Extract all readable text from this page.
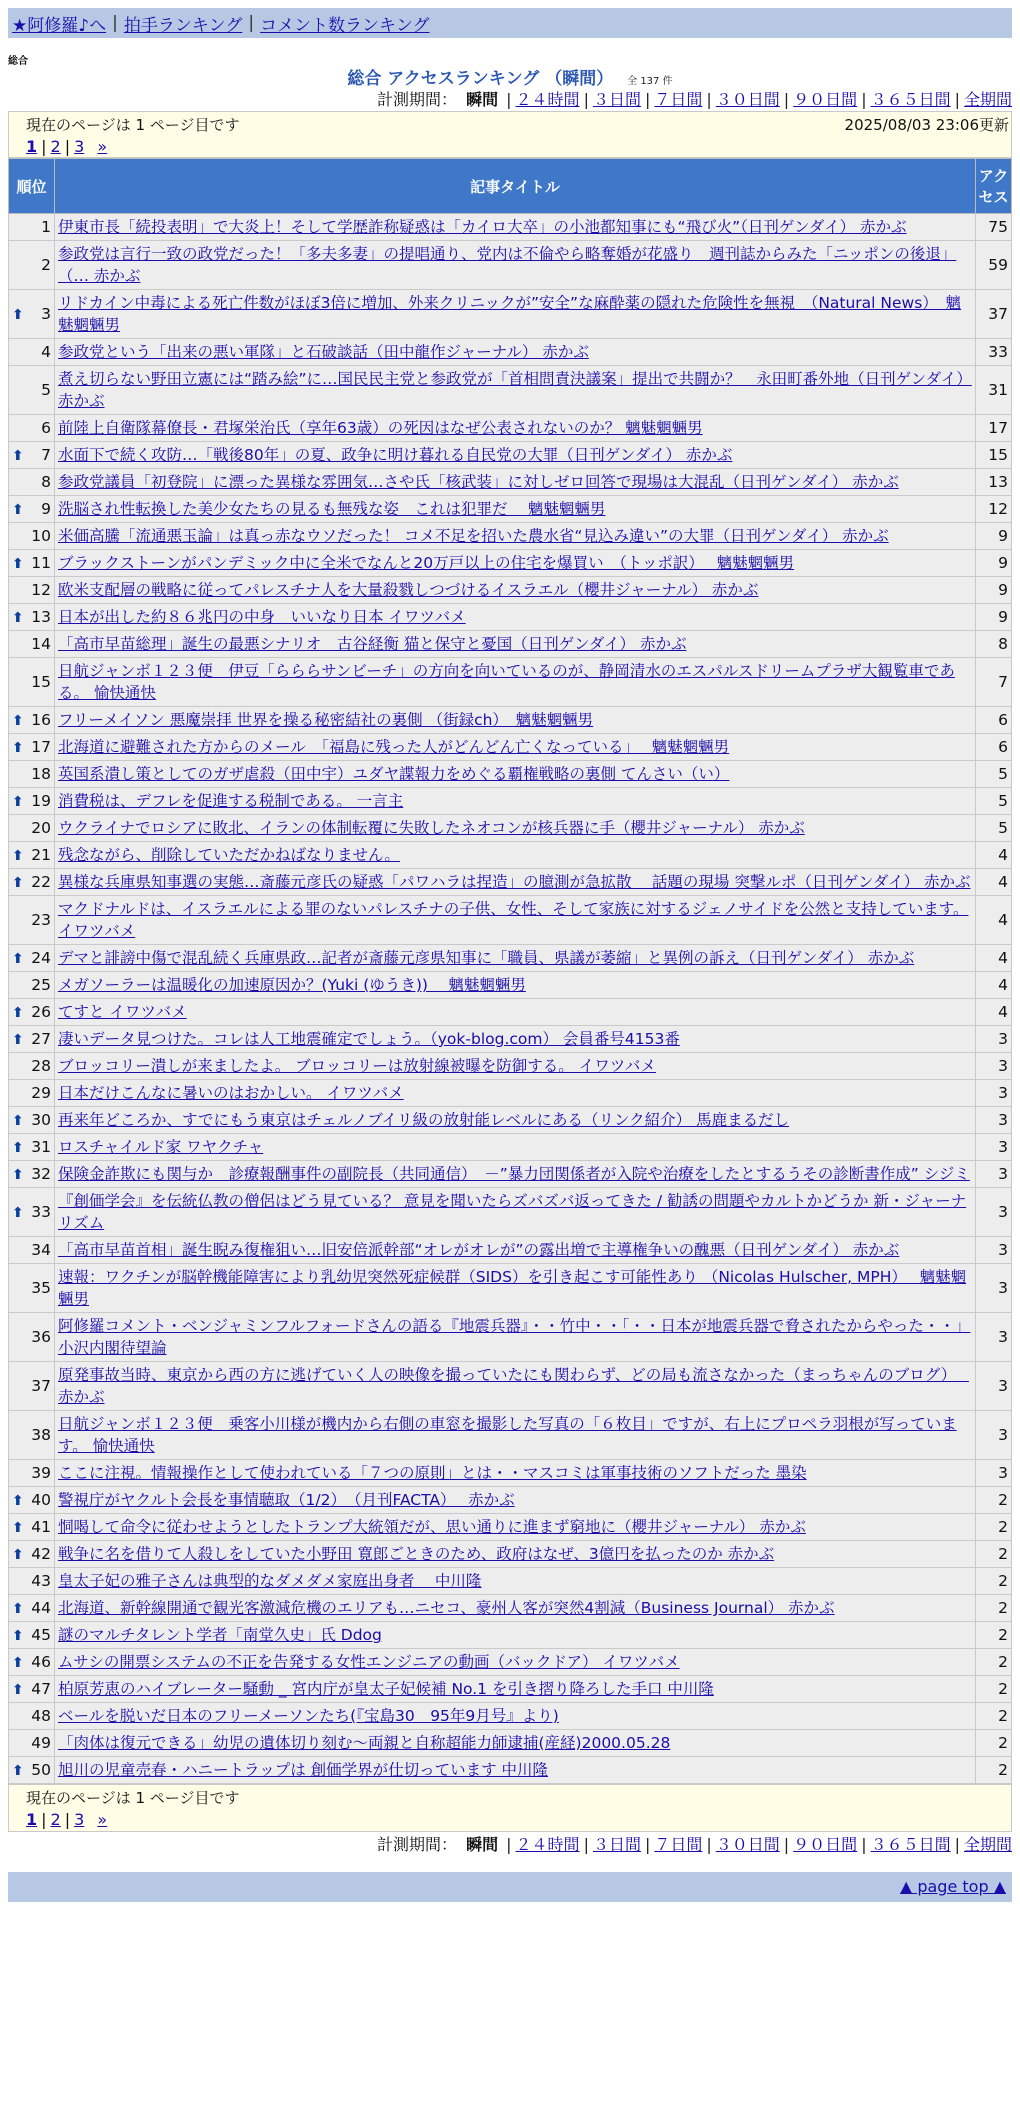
★阿修羅♪へ | 拍手ランキング | コメント数ランキング
総合
総合 アクセスランキング （瞬間） 全 137 件
計測期間： 瞬間 | ２４時間 | ３日間 | ７日間 | ３０日間 | ９０日間 | ３６５日間 | 全期間
現在のページは 1 ページ目です	2025/08/03 23:06更新
1 | 2 | 3 »
順位	記事タイトル	アクセス
1	伊東市長「続投表明」で大炎上！そして学歴詐称疑惑は「カイロ大卒」の小池都知事にも“飛び火”（日刊ゲンダイ） 赤かぶ	75
2	参政党は言行一致の政党だった！「多夫多妻」の提唱通り、党内は不倫やら略奪婚が花盛り　週刊誌からみた「ニッポンの後退」（… 赤かぶ	59

⬆ 3	リドカイン中毒による死亡件数がほぼ3倍に増加、外来クリニックが”安全”な麻酔薬の隠れた危険性を無視　（Natural News）　魑魅魍魎男	37
4	参政党という「出来の悪い軍隊」と石破談話（田中龍作ジャーナル） 赤かぶ	33
5	煮え切らない野田立憲には“踏み絵”に…国民民主党と参政党が「首相問責決議案」提出で共闘か？　永田町番外地（日刊ゲンダイ） 赤かぶ	31
6	前陸上自衛隊幕僚長・君塚栄治氏（享年63歳）の死因はなぜ公表されないのか？ 魑魅魍魎男	17

⬆ 7	水面下で続く攻防…「戦後80年」の夏、政争に明け暮れる自民党の大罪（日刊ゲンダイ） 赤かぶ	15
8	参政党議員「初登院」に漂った異様な雰囲気…さや氏「核武装」に対しゼロ回答で現場は大混乱（日刊ゲンダイ） 赤かぶ	13

⬆ 9	洗脳され性転換した美少女たちの見るも無残な姿　これは犯罪だ　 魑魅魍魎男	12
10	米価高騰「流通悪玉論」は真っ赤なウソだった！ コメ不足を招いた農水省“見込み違い”の大罪（日刊ゲンダイ） 赤かぶ	9

⬆ 11	ブラックストーンがパンデミック中に全米でなんと20万戸以上の住宅を爆買い　（トッポ訳）　 魑魅魍魎男	9
12	欧米支配層の戦略に従ってパレスチナ人を大量殺戮しつづけるイスラエル（櫻井ジャーナル） 赤かぶ	9

⬆ 13	日本が出した約８６兆円の中身　いいなり日本 イワツバメ	9
14	「高市早苗総理」誕生の最悪シナリオ　古谷経衡 猫と保守と憂国（日刊ゲンダイ） 赤かぶ	8
15	日航ジャンボ１２３便　伊豆「らららサンビーチ」の方向を向いているのが、静岡清水のエスパルスドリームプラザ大観覧車である。 愉快通快	7

⬆ 16	フリーメイソン 悪魔崇拝 世界を操る秘密結社の裏側 （街録ch）　魑魅魍魎男	6

⬆ 17	北海道に避難された方からのメール　「福島に残った人がどんどん亡くなっている」　 魑魅魍魎男	6
18	英国系潰し策としてのガザ虐殺（田中宇）ユダヤ諜報力をめぐる覇権戦略の裏側 てんさい（い）	5

⬆ 19	消費税は、デフレを促進する税制である。 一言主	5
20	ウクライナでロシアに敗北、イランの体制転覆に失敗したネオコンが核兵器に手（櫻井ジャーナル） 赤かぶ	5

⬆ 21	残念ながら、削除していただかねばなりません。	4

⬆ 22	異様な兵庫県知事選の実態…斎藤元彦氏の疑惑「パワハラは捏造」の臆測が急拡散　 話題の現場 突撃ルポ（日刊ゲンダイ） 赤かぶ	4
23	マクドナルドは、イスラエルによる罪のないパレスチナの子供、女性、そして家族に対するジェノサイドを公然と支持しています。 イワツバメ	4

⬆ 24	デマと誹謗中傷で混乱続く兵庫県政…記者が斎藤元彦県知事に「職員、県議が萎縮」と異例の訴え（日刊ゲンダイ） 赤かぶ	4
25	メガソーラーは温暖化の加速原因か？(Yuki (ゆうき))　 魑魅魍魎男	4

⬆ 26	てすと イワツバメ	4

⬆ 27	凄いデータ見つけた。コレは人工地震確定でしょう。（yok-blog.com） 会員番号4153番	3
28	ブロッコリー潰しが来ましたよ。 ブロッコリーは放射線被曝を防御する。 イワツバメ	3
29	日本だけこんなに暑いのはおかしい。 イワツバメ	3

⬆ 30	再来年どころか、すでにもう東京はチェルノブイリ級の放射能レベルにある（リンク紹介） 馬鹿まるだし	3

⬆ 31	ロスチャイルド家 ワヤクチャ	3

⬆ 32	保険金詐欺にも関与か　診療報酬事件の副院長（共同通信）　－”暴力団関係者が入院や治療をしたとするうその診断書作成” シジミ	3

⬆ 33	『創価学会』を伝統仏教の僧侶はどう見ている？ 意見を聞いたらズバズバ返ってきた / 勧誘の問題やカルトかどうか 新・ジャーナリズム	3
34	「高市早苗首相」誕生睨み復権狙い…旧安倍派幹部“オレがオレが”の露出増で主導権争いの醜悪（日刊ゲンダイ） 赤かぶ	3
35	速報：ワクチンが脳幹機能障害により乳幼児突然死症候群（SIDS）を引き起こす可能性あり （Nicolas Hulscher, MPH）　 魑魅魍魎男	3
36	阿修羅コメント・ベンジャミンフルフォードさんの語る『地震兵器』・・竹中・・「・・日本が地震兵器で脅されたからやった・・」 小沢内閣待望論	3
37	原発事故当時、東京から西の方に逃げていく人の映像を撮っていたにも関わらず、どの局も流さなかった（まっちゃんのブログ）　 赤かぶ	3
38	日航ジャンボ１２３便　乗客小川様が機内から右側の車窓を撮影した写真の「６枚目」ですが、右上にプロペラ羽根が写っています。 愉快通快	3
39	ここに注視。情報操作として使われている「７つの原則」とは・・マスコミは軍事技術のソフトだった 墨染	3

⬆ 40	警視庁がヤクルト会長を事情聴取（1/2）　（月刊FACTA）　 赤かぶ	2

⬆ 41	恫喝して命令に従わせようとしたトランプ大統領だが、思い通りに進まず窮地に（櫻井ジャーナル） 赤かぶ	2

⬆ 42	戦争に名を借りて人殺しをしていた小野田 寛郎ごときのため、政府はなぜ、3億円を払ったのか 赤かぶ	2
43	皇太子妃の雅子さんは典型的なダメダメ家庭出身者　 中川隆	2

⬆ 44	北海道、新幹線開通で観光客激減危機のエリアも…ニセコ、豪州人客が突然4割減（Business Journal） 赤かぶ	2

⬆ 45	謎のマルチタレント学者「南堂久史」氏 Ddog	2

⬆ 46	ムサシの開票システムの不正を告発する女性エンジニアの動画（バックドア） イワツバメ	2

⬆ 47	柏原芳恵のハイブレーター騒動 _ 宮内庁が皇太子妃候補 No.1 を引き摺り降ろした手口 中川隆	2
48	ベールを脱いだ日本のフリーメーソンたち(『宝島30　95年9月号』より)	2
49	「肉体は復元できる」幼児の遺体切り刻む～両親と自称超能力師逮捕(産経)2000.05.28	2

⬆ 50	旭川の児童売春・ハニートラップは 創価学界が仕切っています 中川隆	2
現在のページは 1 ページ目です
1 | 2 | 3 »
計測期間： 瞬間 | ２４時間 | ３日間 | ７日間 | ３０日間 | ９０日間 | ３６５日間 | 全期間
▲ page top ▲
